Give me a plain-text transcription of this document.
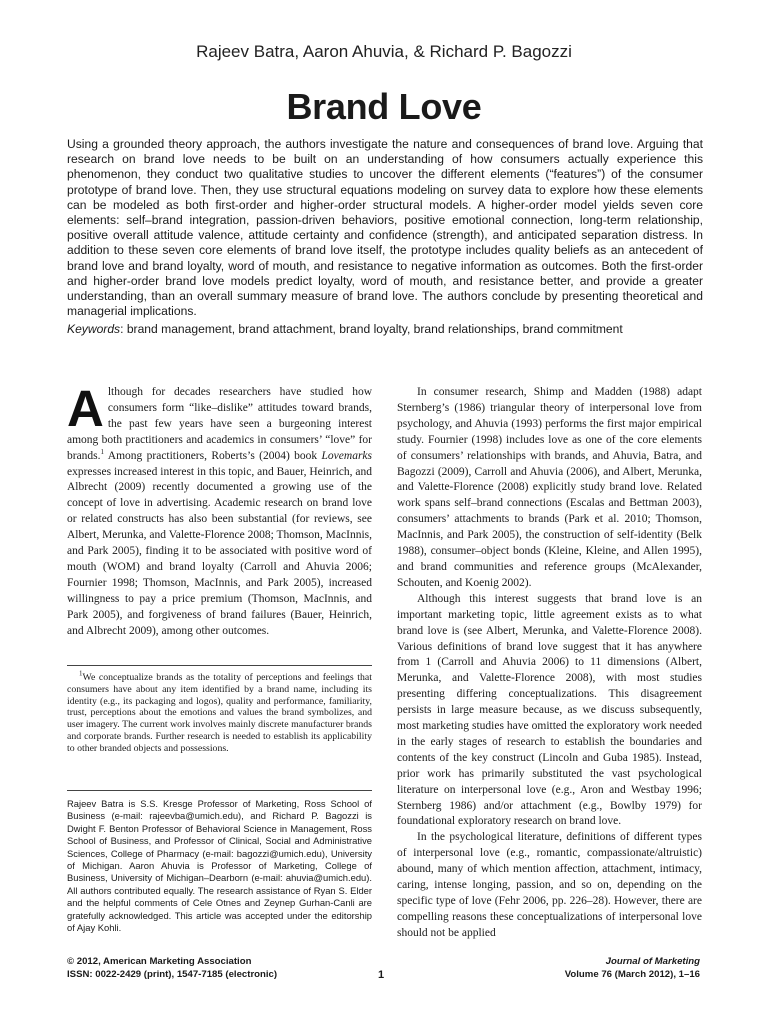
Rajeev Batra, Aaron Ahuvia, & Richard P. Bagozzi
Brand Love

Using a grounded theory approach, the authors investigate the nature and consequences of brand love. Arguing that research on brand love needs to be built on an understanding of how consumers actually experience this phenomenon, they conduct two qualitative studies to uncover the different elements (“features”) of the consumer prototype of brand love. Then, they use structural equations modeling on survey data to explore how these elements can be modeled as both first-order and higher-order structural models. A higher-order model yields seven core elements: self–brand integration, passion-driven behaviors, positive emotional connection, long-term relationship, positive overall attitude valence, attitude certainty and confidence (strength), and anticipated separation distress. In addition to these seven core elements of brand love itself, the prototype includes quality beliefs as an antecedent of brand love and brand loyalty, word of mouth, and resistance to negative information as outcomes. Both the first-order and higher-order brand love models predict loyalty, word of mouth, and resistance better, and provide a greater understanding, than an overall summary measure of brand love. The authors conclude by presenting theoretical and managerial implications.

Keywords: brand management, brand attachment, brand loyalty, brand relationships, brand commitment

Although for decades researchers have studied how consumers form “like–dislike” attitudes toward brands, the past few years have seen a burgeoning interest among both practitioners and academics in consumers’ “love” for brands.$^1$ Among practitioners, Roberts’s (2004) book Lovemarks expresses increased interest in this topic, and Bauer, Heinrich, and Albrecht (2009) recently documented a growing use of the concept of love in advertising. Academic research on brand love or related constructs has also been substantial (for reviews, see Albert, Merunka, and Valette-Florence 2008; Thomson, MacInnis, and Park 2005), finding it to be associated with positive word of mouth (WOM) and brand loyalty (Carroll and Ahuvia 2006; Fournier 1998; Thomson, MacInnis, and Park 2005), increased willingness to pay a price premium (Thomson, MacInnis, and Park 2005), and forgiveness of brand failures (Bauer, Heinrich, and Albrecht 2009), among other outcomes.

$^1$We conceptualize brands as the totality of perceptions and feelings that consumers have about any item identified by a brand name, including its identity (e.g., its packaging and logos), quality and performance, familiarity, trust, perceptions about the emotions and values the brand symbolizes, and user imagery. The current work involves mainly discrete manufacturer brands and corporate brands. Further research is needed to establish its applicability to other branded objects and possessions.

Rajeev Batra is S.S. Kresge Professor of Marketing, Ross School of Business (e-mail: rajeevba@umich.edu), and Richard P. Bagozzi is Dwight F. Benton Professor of Behavioral Science in Management, Ross School of Business, and Professor of Clinical, Social and Administrative Sciences, College of Pharmacy (e-mail: bagozzi@umich.edu), University of Michigan. Aaron Ahuvia is Professor of Marketing, College of Business, University of Michigan–Dearborn (e-mail: ahuvia@umich.edu). All authors contributed equally. The research assistance of Ryan S. Elder and the helpful comments of Cele Otnes and Zeynep Gurhan-Canli are gratefully acknowledged. This article was accepted under the editorship of Ajay Kohli.

In consumer research, Shimp and Madden (1988) adapt Sternberg’s (1986) triangular theory of interpersonal love from psychology, and Ahuvia (1993) performs the first major empirical study. Fournier (1998) includes love as one of the core elements of consumers’ relationships with brands, and Ahuvia, Batra, and Bagozzi (2009), Carroll and Ahuvia (2006), and Albert, Merunka, and Valette-Florence (2008) explicitly study brand love. Related work spans self–brand connections (Escalas and Bettman 2003), consumers’ attachments to brands (Park et al. 2010; Thomson, MacInnis, and Park 2005), the construction of self-identity (Belk 1988), consumer–object bonds (Kleine, Kleine, and Allen 1995), and brand communities and reference groups (McAlexander, Schouten, and Koenig 2002).

Although this interest suggests that brand love is an important marketing topic, little agreement exists as to what brand love is (see Albert, Merunka, and Valette-Florence 2008). Various definitions of brand love suggest that it has anywhere from 1 (Carroll and Ahuvia 2006) to 11 dimensions (Albert, Merunka, and Valette-Florence 2008), with most studies presenting differing conceptualizations. This disagreement persists in large measure because, as we discuss subsequently, most marketing studies have omitted the exploratory work needed in the early stages of research to establish the boundaries and contents of the key construct (Lincoln and Guba 1985). Instead, prior work has primarily substituted the vast psychological literature on interpersonal love (e.g., Aron and Westbay 1996; Sternberg 1986) and/or attachment (e.g., Bowlby 1979) for foundational exploratory research on brand love.

In the psychological literature, definitions of different types of interpersonal love (e.g., romantic, compassionate/altruistic) abound, many of which mention affection, attachment, intimacy, caring, intense longing, passion, and so on, depending on the specific type of love (Fehr 2006, pp. 226–28). However, there are compelling reasons these conceptualizations of interpersonal love should not be applied

© 2012, American Marketing Association
ISSN: 0022-2429 (print), 1547-7185 (electronic)	1
Journal of Marketing
Volume 76 (March 2012), 1–16
